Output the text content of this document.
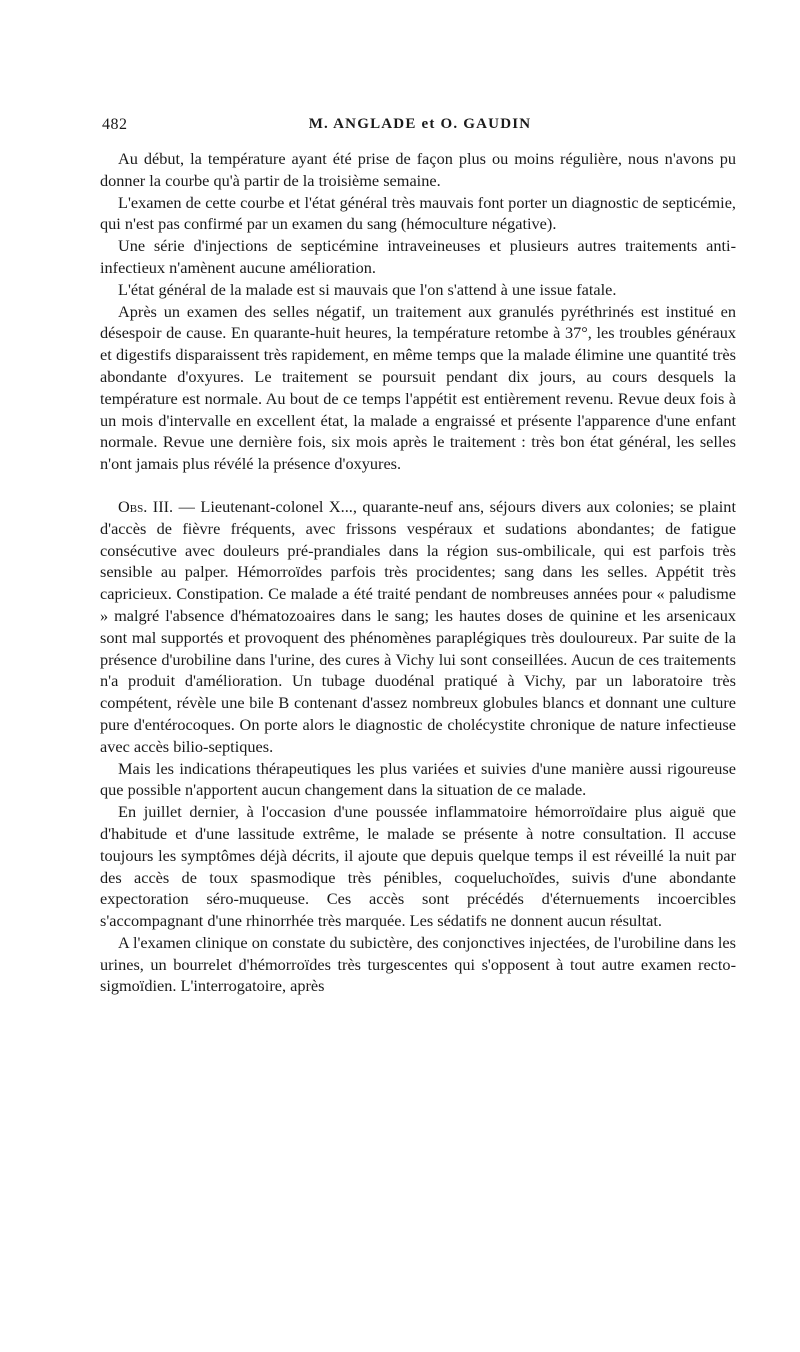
482	M. ANGLADE et O. GAUDIN

Au début, la température ayant été prise de façon plus ou moins régulière, nous n'avons pu donner la courbe qu'à partir de la troisième semaine.

L'examen de cette courbe et l'état général très mauvais font porter un diagnostic de septicémie, qui n'est pas confirmé par un examen du sang (hémoculture négative).

Une série d'injections de septicémine intraveineuses et plusieurs autres traitements anti-infectieux n'amènent aucune amélioration.

L'état général de la malade est si mauvais que l'on s'attend à une issue fatale.

Après un examen des selles négatif, un traitement aux granulés pyréthrinés est institué en désespoir de cause. En quarante-huit heures, la température retombe à 37°, les troubles généraux et digestifs disparaissent très rapidement, en même temps que la malade élimine une quantité très abondante d'oxyures. Le traitement se poursuit pendant dix jours, au cours desquels la température est normale. Au bout de ce temps l'appétit est entièrement revenu. Revue deux fois à un mois d'intervalle en excellent état, la malade a engraissé et présente l'apparence d'une enfant normale. Revue une dernière fois, six mois après le traitement : très bon état général, les selles n'ont jamais plus révélé la présence d'oxyures.

Obs. III. — Lieutenant-colonel X..., quarante-neuf ans, séjours divers aux colonies; se plaint d'accès de fièvre fréquents, avec frissons vespéraux et sudations abondantes; de fatigue consécutive avec douleurs pré-prandiales dans la région sus-ombilicale, qui est parfois très sensible au palper. Hémorroïdes parfois très procidentes; sang dans les selles. Appétit très capricieux. Constipation. Ce malade a été traité pendant de nombreuses années pour « paludisme » malgré l'absence d'hématozoaires dans le sang; les hautes doses de quinine et les arsenicaux sont mal supportés et provoquent des phénomènes paraplégiques très douloureux. Par suite de la présence d'urobiline dans l'urine, des cures à Vichy lui sont conseillées. Aucun de ces traitements n'a produit d'amélioration. Un tubage duodénal pratiqué à Vichy, par un laboratoire très compétent, révèle une bile B contenant d'assez nombreux globules blancs et donnant une culture pure d'entérocoques. On porte alors le diagnostic de cholécystite chronique de nature infectieuse avec accès bilio-septiques.

Mais les indications thérapeutiques les plus variées et suivies d'une manière aussi rigoureuse que possible n'apportent aucun changement dans la situation de ce malade.

En juillet dernier, à l'occasion d'une poussée inflammatoire hémorroïdaire plus aiguë que d'habitude et d'une lassitude extrême, le malade se présente à notre consultation. Il accuse toujours les symptômes déjà décrits, il ajoute que depuis quelque temps il est réveillé la nuit par des accès de toux spasmodique très pénibles, coqueluchoïdes, suivis d'une abondante expectoration séro-muqueuse. Ces accès sont précédés d'éternuements incoercibles s'accompagnant d'une rhinorrhée très marquée. Les sédatifs ne donnent aucun résultat.

A l'examen clinique on constate du subictère, des conjonctives injectées, de l'urobiline dans les urines, un bourrelet d'hémorroïdes très turgescentes qui s'opposent à tout autre examen recto-sigmoïdien. L'interrogatoire, après
